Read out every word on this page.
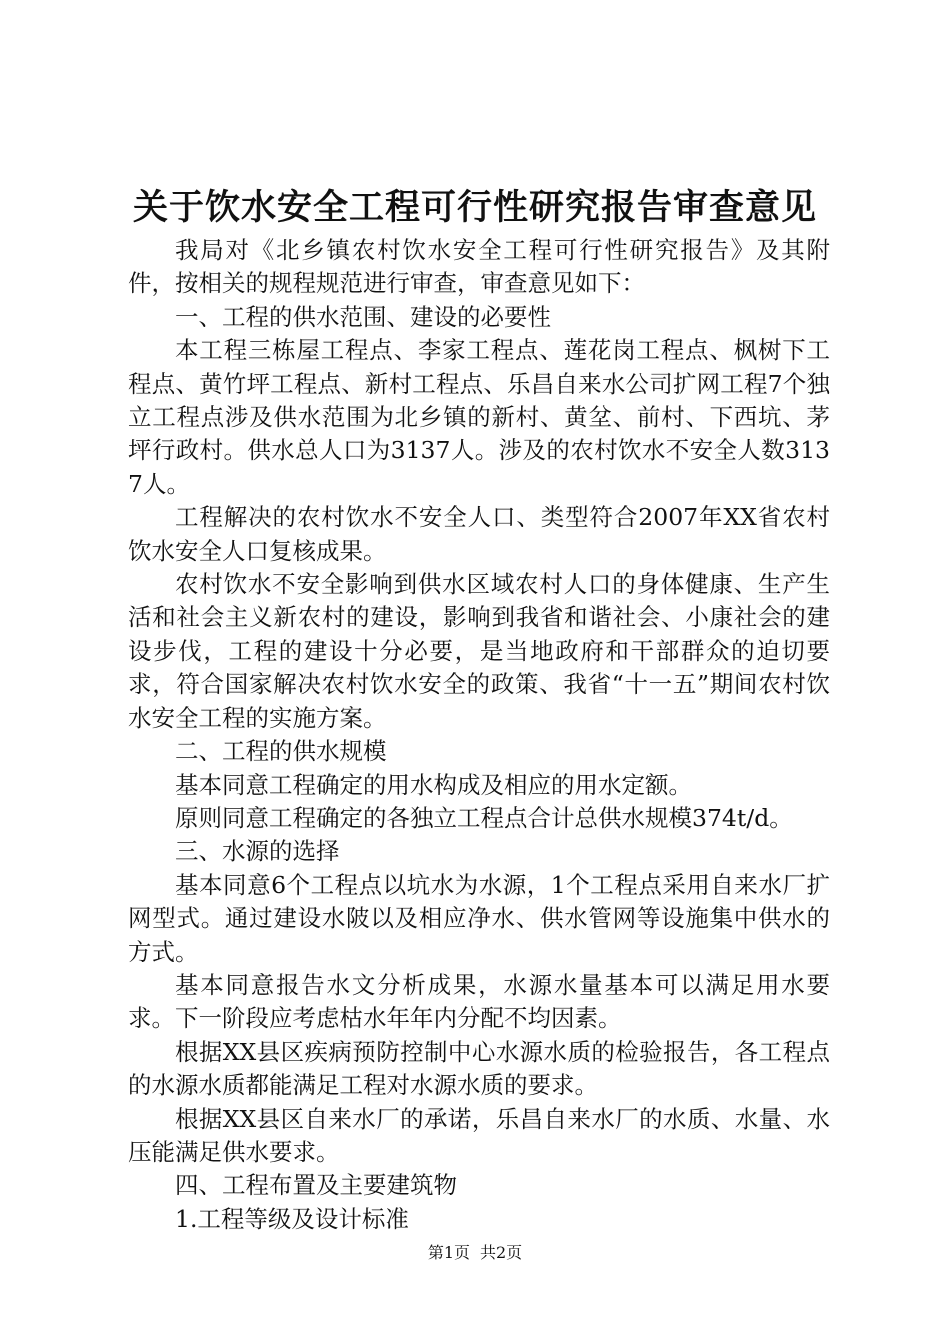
关于饮水安全工程可行性研究报告审查意见

我局对《北乡镇农村饮水安全工程可行性研究报告》及其附件，按相关的规程规范进行审查，审查意见如下：

一、工程的供水范围、建设的必要性

本工程三栋屋工程点、李家工程点、莲花岗工程点、枫树下工程点、黄竹坪工程点、新村工程点、乐昌自来水公司扩网工程7个独立工程点涉及供水范围为北乡镇的新村、黄坌、前村、下西坑、茅坪行政村。供水总人口为3137人。涉及的农村饮水不安全人数3137人。

工程解决的农村饮水不安全人口、类型符合2007年XX省农村饮水安全人口复核成果。

农村饮水不安全影响到供水区域农村人口的身体健康、生产生活和社会主义新农村的建设，影响到我省和谐社会、小康社会的建设步伐，工程的建设十分必要，是当地政府和干部群众的迫切要求，符合国家解决农村饮水安全的政策、我省“十一五”期间农村饮水安全工程的实施方案。

二、工程的供水规模

基本同意工程确定的用水构成及相应的用水定额。

原则同意工程确定的各独立工程点合计总供水规模374t/d。

三、水源的选择

基本同意6个工程点以坑水为水源，1个工程点采用自来水厂扩网型式。通过建设水陂以及相应净水、供水管网等设施集中供水的方式。

基本同意报告水文分析成果，水源水量基本可以满足用水要求。下一阶段应考虑枯水年年内分配不均因素。

根据XX县区疾病预防控制中心水源水质的检验报告，各工程点的水源水质都能满足工程对水源水质的要求。

根据XX县区自来水厂的承诺，乐昌自来水厂的水质、水量、水压能满足供水要求。

四、工程布置及主要建筑物

1.工程等级及设计标准

第1页 共2页
